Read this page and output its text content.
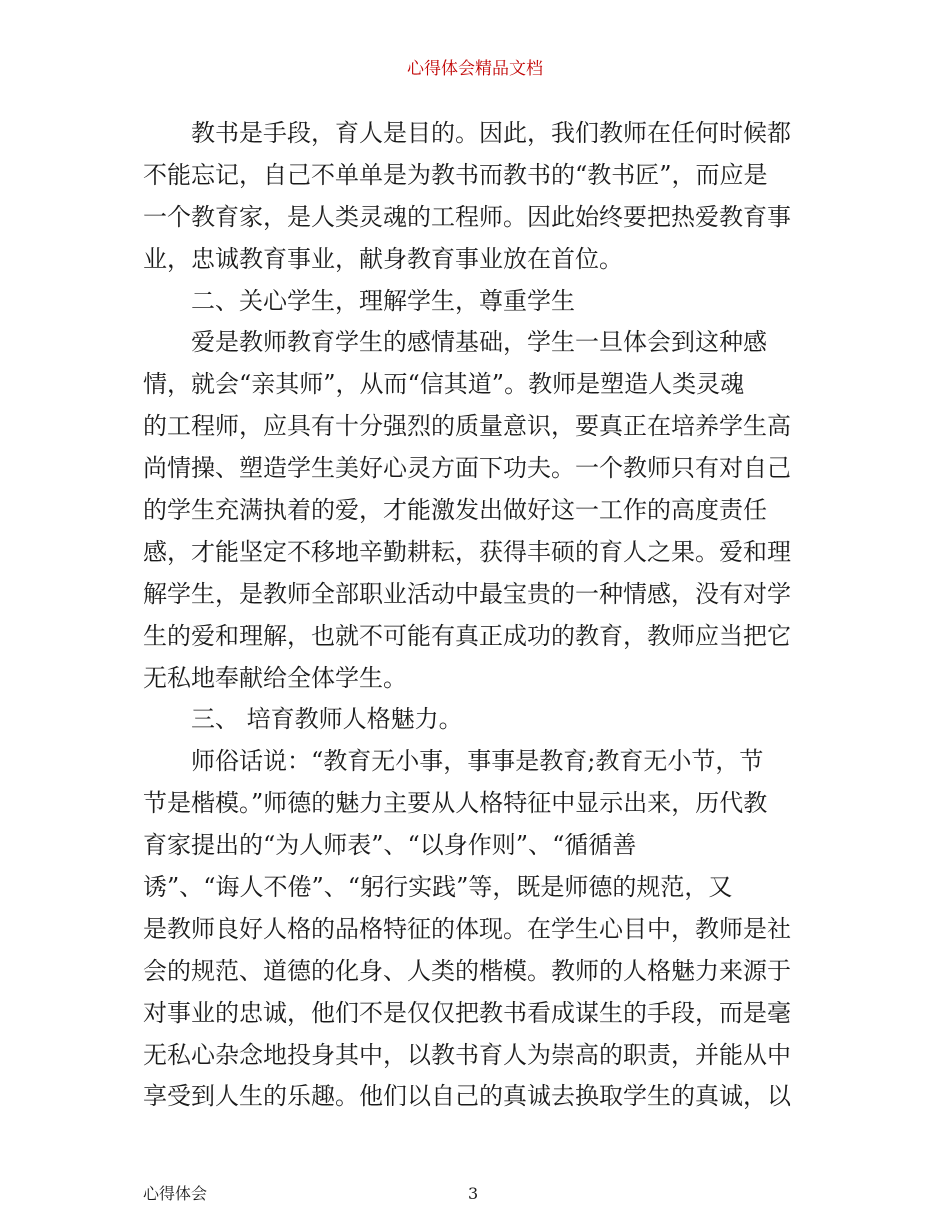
心得体会精品文档
教书是手段，育人是目的。因此，我们教师在任何时候都
不能忘记，自己不单单是为教书而教书的“教书匠”，而应是
一个教育家，是人类灵魂的工程师。因此始终要把热爱教育事
业，忠诚教育事业，献身教育事业放在首位。
二、关心学生，理解学生，尊重学生
爱是教师教育学生的感情基础，学生一旦体会到这种感
情，就会“亲其师”，从而“信其道”。教师是塑造人类灵魂
的工程师，应具有十分强烈的质量意识，要真正在培养学生高
尚情操、塑造学生美好心灵方面下功夫。一个教师只有对自己
的学生充满执着的爱，才能激发出做好这一工作的高度责任
感，才能坚定不移地辛勤耕耘，获得丰硕的育人之果。爱和理
解学生，是教师全部职业活动中最宝贵的一种情感，没有对学
生的爱和理解，也就不可能有真正成功的教育，教师应当把它
无私地奉献给全体学生。
三、 培育教师人格魅力。
师俗话说：“教育无小事，事事是教育;教育无小节，节
节是楷模。”师德的魅力主要从人格特征中显示出来，历代教
育家提出的“为人师表”、“以身作则”、“循循善
诱”、“诲人不倦”、“躬行实践”等，既是师德的规范，又
是教师良好人格的品格特征的体现。在学生心目中，教师是社
会的规范、道德的化身、人类的楷模。教师的人格魅力来源于
对事业的忠诚，他们不是仅仅把教书看成谋生的手段，而是毫
无私心杂念地投身其中，以教书育人为崇高的职责，并能从中
享受到人生的乐趣。他们以自己的真诚去换取学生的真诚，以
心得体会	3
